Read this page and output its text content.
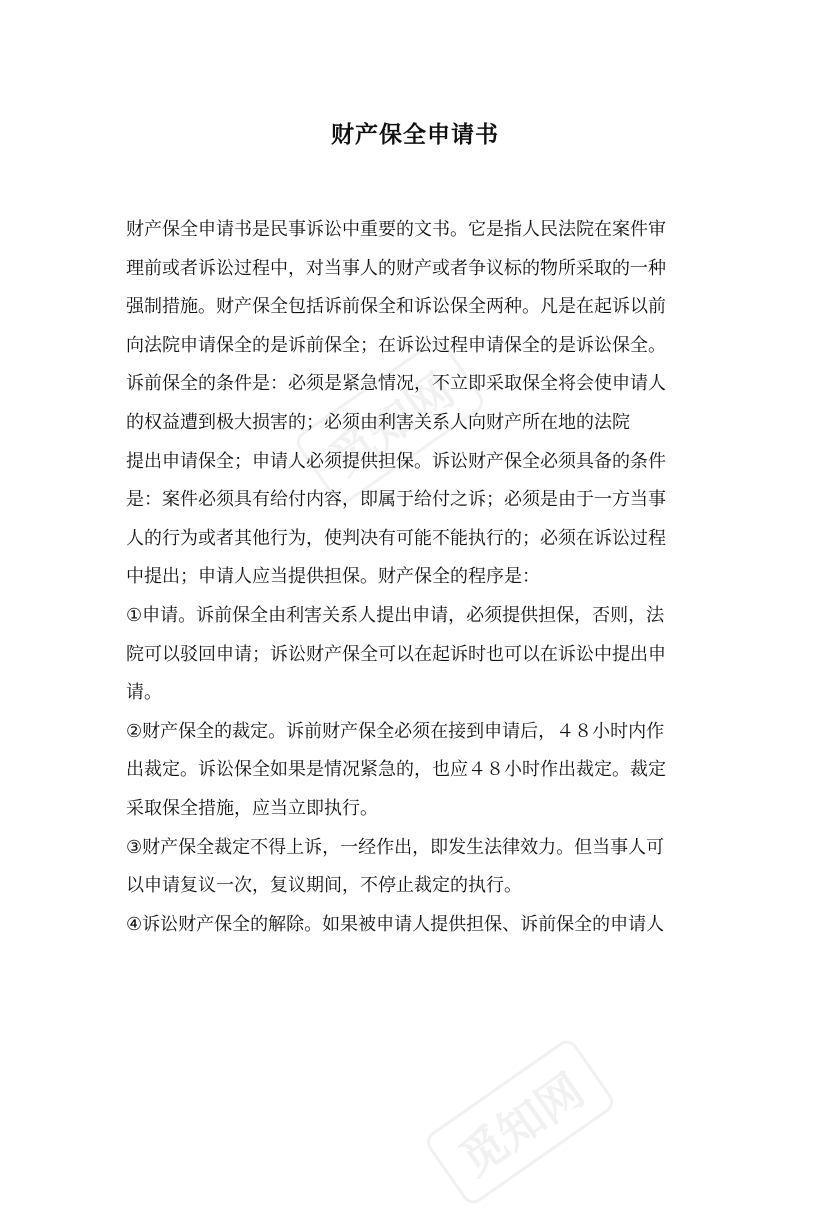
觅知网
觅知网
财产保全申请书
财产保全申请书是民事诉讼中重要的文书。它是指人民法院在案件审
理前或者诉讼过程中，对当事人的财产或者争议标的物所采取的一种
强制措施。财产保全包括诉前保全和诉讼保全两种。凡是在起诉以前
向法院申请保全的是诉前保全；在诉讼过程申请保全的是诉讼保全。
诉前保全的条件是：必须是紧急情况，不立即采取保全将会使申请人
的权益遭到极大损害的；必须由利害关系人向财产所在地的法院
提出申请保全；申请人必须提供担保。诉讼财产保全必须具备的条件
是：案件必须具有给付内容，即属于给付之诉；必须是由于一方当事
人的行为或者其他行为，使判决有可能不能执行的；必须在诉讼过程
中提出；申请人应当提供担保。财产保全的程序是：
①申请。诉前保全由利害关系人提出申请，必须提供担保，否则，法
院可以驳回申请；诉讼财产保全可以在起诉时也可以在诉讼中提出申
请。
②财产保全的裁定。诉前财产保全必须在接到申请后，４８小时内作
出裁定。诉讼保全如果是情况紧急的，也应４８小时作出裁定。裁定
采取保全措施，应当立即执行。
③财产保全裁定不得上诉，一经作出，即发生法律效力。但当事人可
以申请复议一次，复议期间，不停止裁定的执行。
④诉讼财产保全的解除。如果被申请人提供担保、诉前保全的申请人
